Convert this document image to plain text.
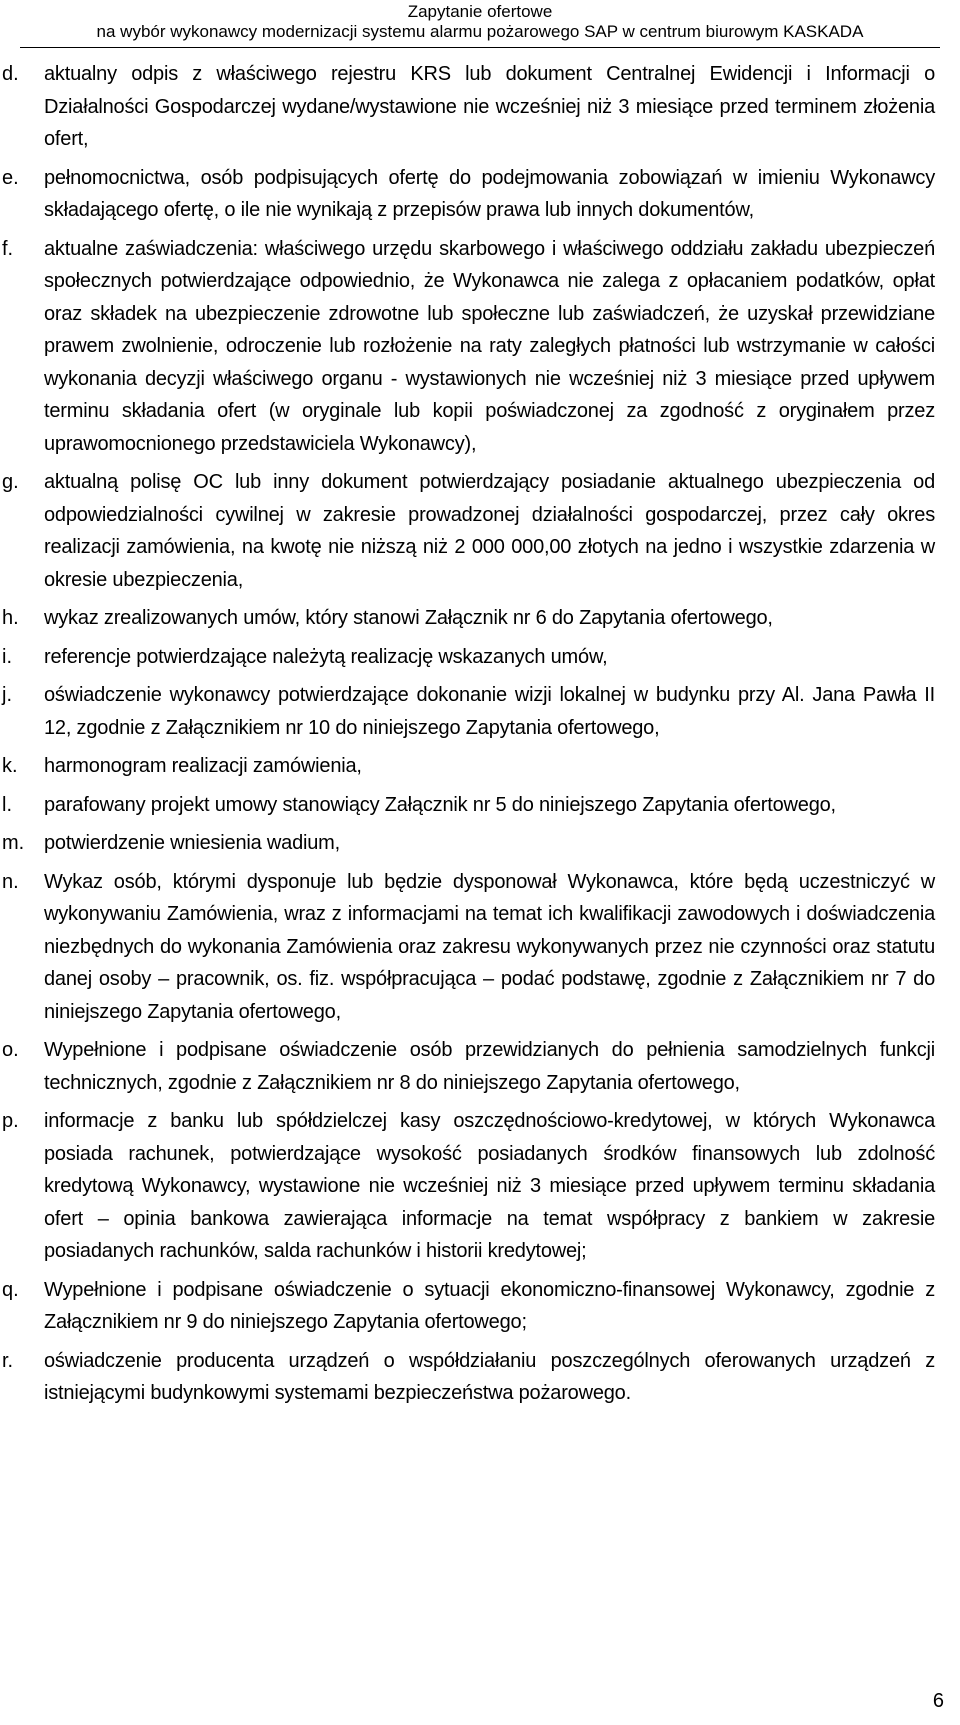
Zapytanie ofertowe
na wybór wykonawcy modernizacji systemu alarmu pożarowego SAP w centrum biurowym KASKADA
d.	aktualny odpis z właściwego rejestru KRS lub dokument Centralnej Ewidencji i Informacji o Działalności Gospodarczej wydane/wystawione nie wcześniej niż 3 miesiące przed terminem złożenia ofert,
e.	pełnomocnictwa, osób podpisujących ofertę do podejmowania zobowiązań w imieniu Wykonawcy składającego ofertę, o ile nie wynikają z przepisów prawa lub innych dokumentów,
f.	aktualne zaświadczenia: właściwego urzędu skarbowego i właściwego oddziału zakładu ubezpieczeń społecznych potwierdzające odpowiednio, że Wykonawca nie zalega z opłacaniem podatków, opłat oraz składek na ubezpieczenie zdrowotne lub społeczne lub zaświadczeń, że uzyskał przewidziane prawem zwolnienie, odroczenie lub rozłożenie na raty zaległych płatności lub wstrzymanie w całości wykonania decyzji właściwego organu - wystawionych nie wcześniej niż 3 miesiące przed upływem terminu składania ofert (w oryginale lub kopii poświadczonej za zgodność z oryginałem przez uprawomocnionego przedstawiciela Wykonawcy),
g.	aktualną polisę OC lub inny dokument potwierdzający posiadanie aktualnego ubezpieczenia od odpowiedzialności cywilnej w zakresie prowadzonej działalności gospodarczej, przez cały okres realizacji zamówienia, na kwotę nie niższą niż 2 000 000,00 złotych na jedno i wszystkie zdarzenia w okresie ubezpieczenia,
h.	wykaz zrealizowanych umów, który stanowi Załącznik nr 6 do Zapytania ofertowego,
i.	referencje potwierdzające należytą realizację wskazanych umów,
j.	oświadczenie wykonawcy potwierdzające dokonanie wizji lokalnej w budynku przy Al. Jana Pawła II 12, zgodnie z Załącznikiem nr 10 do niniejszego Zapytania ofertowego,
k.	harmonogram realizacji zamówienia,
l.	parafowany projekt umowy stanowiący Załącznik nr 5 do niniejszego Zapytania ofertowego,
m. potwierdzenie wniesienia wadium,
n.	Wykaz osób, którymi dysponuje lub będzie dysponował Wykonawca, które będą uczestniczyć w wykonywaniu Zamówienia, wraz z informacjami na temat ich kwalifikacji zawodowych i doświadczenia niezbędnych do wykonania Zamówienia oraz zakresu wykonywanych przez nie czynności oraz statutu danej osoby – pracownik, os. fiz. współpracująca – podać podstawę, zgodnie z Załącznikiem nr 7 do niniejszego Zapytania ofertowego,
o.	Wypełnione i podpisane oświadczenie osób przewidzianych do pełnienia samodzielnych funkcji technicznych, zgodnie z Załącznikiem nr 8 do niniejszego Zapytania ofertowego,
p.	informacje z banku lub spółdzielczej kasy oszczędnościowo-kredytowej, w których Wykonawca posiada rachunek, potwierdzające wysokość posiadanych środków finansowych lub zdolność kredytową Wykonawcy, wystawione nie wcześniej niż 3 miesiące przed upływem terminu składania ofert – opinia bankowa zawierająca informacje na temat współpracy z bankiem w zakresie posiadanych rachunków, salda rachunków i historii kredytowej;
q.	Wypełnione i podpisane oświadczenie o sytuacji ekonomiczno-finansowej Wykonawcy, zgodnie z Załącznikiem nr 9 do niniejszego Zapytania ofertowego;
r.	oświadczenie producenta urządzeń o współdziałaniu poszczególnych oferowanych urządzeń z istniejącymi budynkowymi systemami bezpieczeństwa pożarowego.
6
